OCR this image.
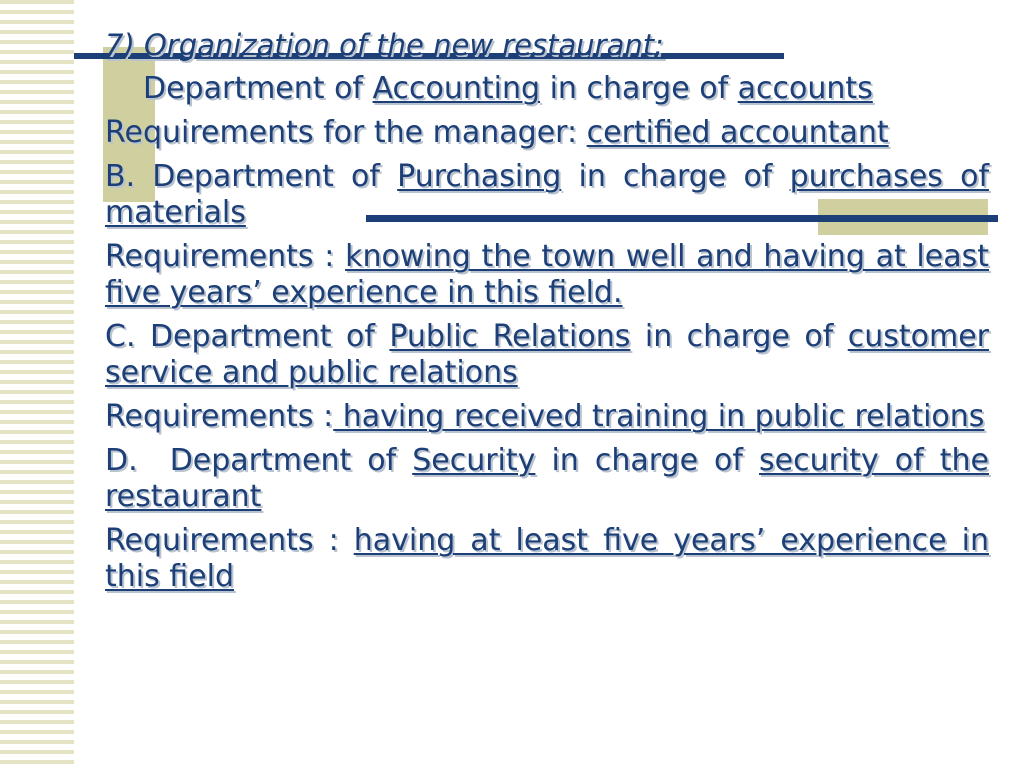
7) Organization of the new restaurant:

Department of Accounting in charge of accounts

Requirements for the manager: certified accountant

B. Department of Purchasing in charge of purchases of materials

Requirements : knowing the town well and having at least five years’ experience in this field.

C. Department of Public Relations in charge of customer service and public relations

Requirements : having received training in public relations

D.  Department of Security in charge of security of the restaurant

Requirements : having at least five years’ experience in this field
